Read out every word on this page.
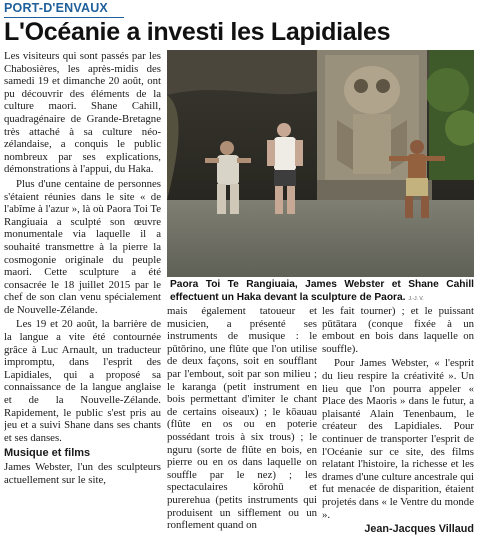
PORT-D'ENVAUX
L'Océanie a investi les Lapidiales

Les visiteurs qui sont passés par les Chabosières, les après-midis des samedi 19 et dimanche 20 août, ont pu découvrir des éléments de la culture maori. Shane Cahill, quadragénaire de Grande-Bretagne très attaché à sa culture néo-zélandaise, a conquis le public nombreux par ses explications, démonstrations à l'appui, du Haka.

Plus d'une centaine de personnes s'étaient réunies dans le site « de l'abîme à l'azur », là où Paora Toi Te Rangiuaia a sculpté son œuvre monumentale via laquelle il a souhaité transmettre à la pierre la cosmogonie originale du peuple maori. Cette sculpture a été consacrée le 18 juillet 2015 par le chef de son clan venu spécialement de Nouvelle-Zélande.

Les 19 et 20 août, la barrière de la langue a vite été contournée grâce à Luc Arnault, un traducteur impromptu, dans l'esprit des Lapidiales, qui a proposé sa connaissance de la langue anglaise et de la Nouvelle-Zélande. Rapidement, le public s'est pris au jeu et a suivi Shane dans ses chants et ses danses.

Musique et films

James Webster, l'un des sculpteurs actuellement sur le site,

Paora Toi Te Rangiuaia, James Webster et Shane Cahill effectuent un Haka devant la sculpture de Paora. J.-J. V.

mais également tatoueur et musicien, a présenté ses instruments de musique : le pūtōrino, une flûte que l'on utilise de deux façons, soit en soufflant par l'embout, soit par son milieu ; le karanga (petit instrument en bois permettant d'imiter le chant de certains oiseaux) ; le kōauau (flûte en os ou en poterie possédant trois à six trous) ; le nguru (sorte de flûte en bois, en pierre ou en os dans laquelle on souffle par le nez) ; les spectaculaires kōrohū et purerehua (petits instruments qui produisent un sifflement ou un ronflement quand on

les fait tourner) ; et le puissant pūtātara (conque fixée à un embout en bois dans laquelle on souffle).

Pour James Webster, « l'esprit du lieu respire la créativité ». Un lieu que l'on pourra appeler « Place des Maoris » dans le futur, a plaisanté Alain Tenenbaum, le créateur des Lapidiales. Pour continuer de transporter l'esprit de l'Océanie sur ce site, des films relatant l'histoire, la richesse et les drames d'une culture ancestrale qui fut menacée de disparition, étaient projetés dans « le Ventre du monde ».

Jean-Jacques Villaud
